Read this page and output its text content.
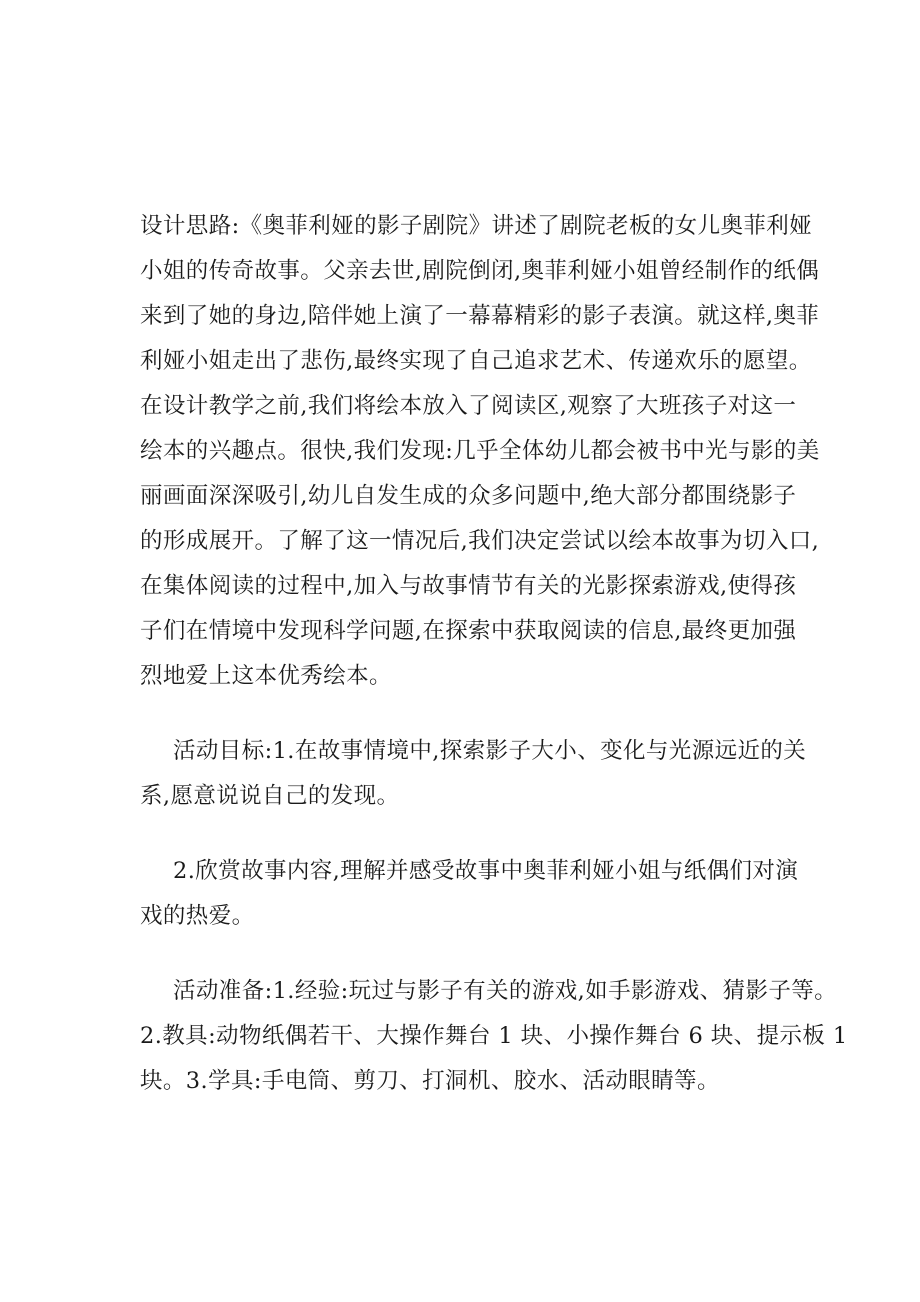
设计思路:《奥菲利娅的影子剧院》讲述了剧院老板的女儿奥菲利娅
小姐的传奇故事。父亲去世,剧院倒闭,奥菲利娅小姐曾经制作的纸偶
来到了她的身边,陪伴她上演了一幕幕精彩的影子表演。就这样,奥菲
利娅小姐走出了悲伤,最终实现了自己追求艺术、传递欢乐的愿望。
在设计教学之前,我们将绘本放入了阅读区,观察了大班孩子对这一
绘本的兴趣点。很快,我们发现:几乎全体幼儿都会被书中光与影的美
丽画面深深吸引,幼儿自发生成的众多问题中,绝大部分都围绕影子
的形成展开。了解了这一情况后,我们决定尝试以绘本故事为切入口,
在集体阅读的过程中,加入与故事情节有关的光影探索游戏,使得孩
子们在情境中发现科学问题,在探索中获取阅读的信息,最终更加强
烈地爱上这本优秀绘本。
活动目标:1.在故事情境中,探索影子大小、变化与光源远近的关
系,愿意说说自己的发现。
2.欣赏故事内容,理解并感受故事中奥菲利娅小姐与纸偶们对演
戏的热爱。
活动准备:1.经验:玩过与影子有关的游戏,如手影游戏、猜影子等。
2.教具:动物纸偶若干、大操作舞台 1 块、小操作舞台 6 块、提示板 1
块。3.学具:手电筒、剪刀、打洞机、胶水、活动眼睛等。
